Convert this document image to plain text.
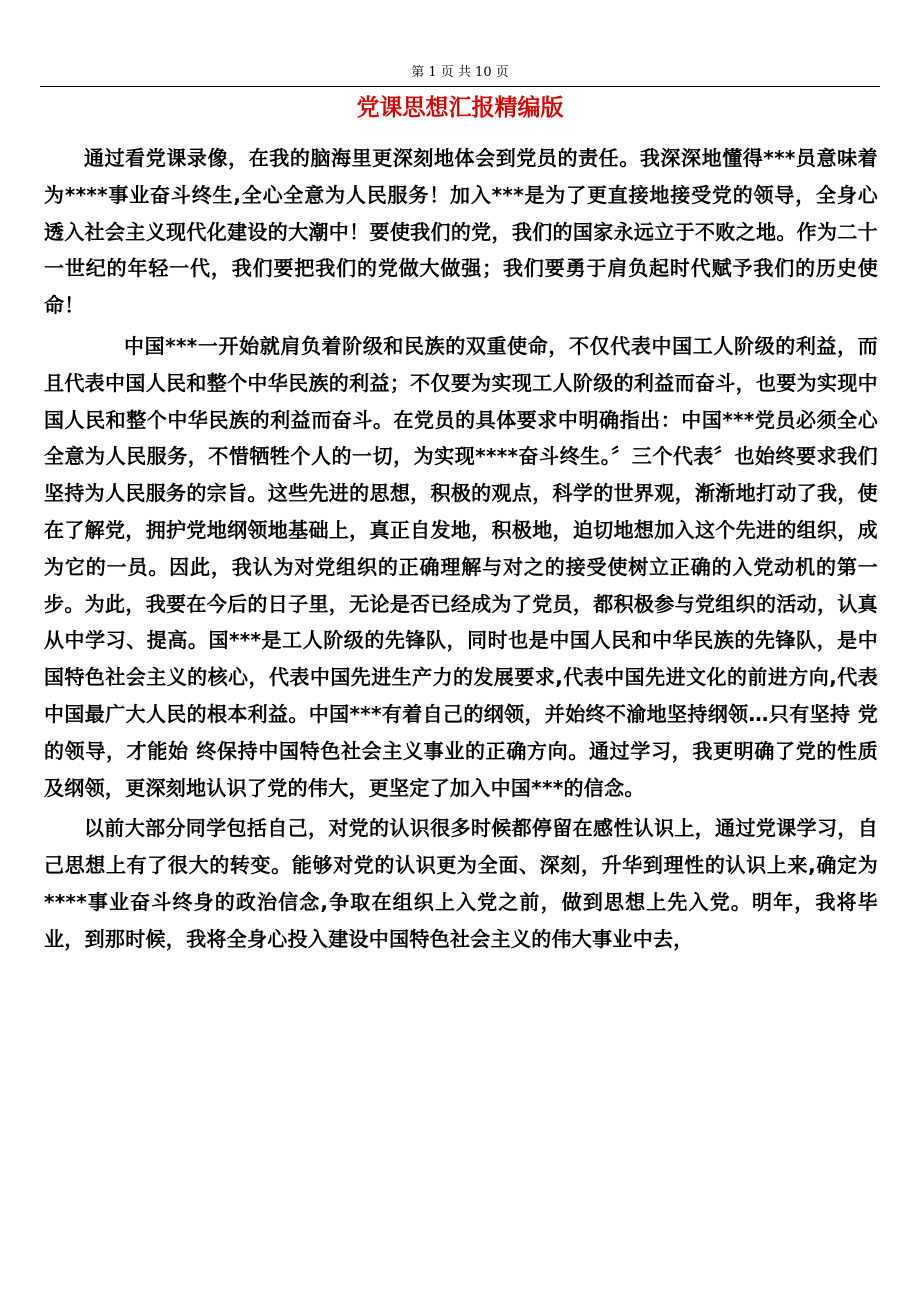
第 1 页 共 10 页
党课思想汇报精编版

通过看党课录像，在我的脑海里更深刻地体会到党员的责任。我深深地懂得***员意味着为****事业奋斗终生,全心全意为人民服务！加入***是为了更直接地接受党的领导，全身心透入社会主义现代化建设的大潮中！要使我们的党，我们的国家永远立于不败之地。作为二十一世纪的年轻一代，我们要把我们的党做大做强；我们要勇于肩负起时代赋予我们的历史使命！

中国***一开始就肩负着阶级和民族的双重使命，不仅代表中国工人阶级的利益，而且代表中国人民和整个中华民族的利益；不仅要为实现工人阶级的利益而奋斗，也要为实现中国人民和整个中华民族的利益而奋斗。在党员的具体要求中明确指出：中国***党员必须全心全意为人民服务，不惜牺牲个人的一切，为实现****奋斗终生。〞三个代表〞也始终要求我们坚持为人民服务的宗旨。这些先进的思想，积极的观点，科学的世界观，渐渐地打动了我，使在了解党，拥护党地纲领地基础上，真正自发地，积极地，迫切地想加入这个先进的组织，成为它的一员。因此，我认为对党组织的正确理解与对之的接受使树立正确的入党动机的第一步。为此，我要在今后的日子里，无论是否已经成为了党员，都积极参与党组织的活动，认真从中学习、提高。国***是工人阶级的先锋队，同时也是中国人民和中华民族的先锋队，是中国特色社会主义的核心，代表中国先进生产力的发展要求,代表中国先进文化的前进方向,代表中国最广大人民的根本利益。中国***有着自己的纲领，并始终不渝地坚持纲领…只有坚持 党的领导，才能始 终保持中国特色社会主义事业的正确方向。通过学习，我更明确了党的性质及纲领，更深刻地认识了党的伟大，更坚定了加入中国***的信念。

以前大部分同学包括自己，对党的认识很多时候都停留在感性认识上，通过党课学习，自己思想上有了很大的转变。能够对党的认识更为全面、深刻，升华到理性的认识上来,确定为****事业奋斗终身的政治信念,争取在组织上入党之前，做到思想上先入党。明年，我将毕业，到那时候，我将全身心投入建设中国特色社会主义的伟大事业中去，
